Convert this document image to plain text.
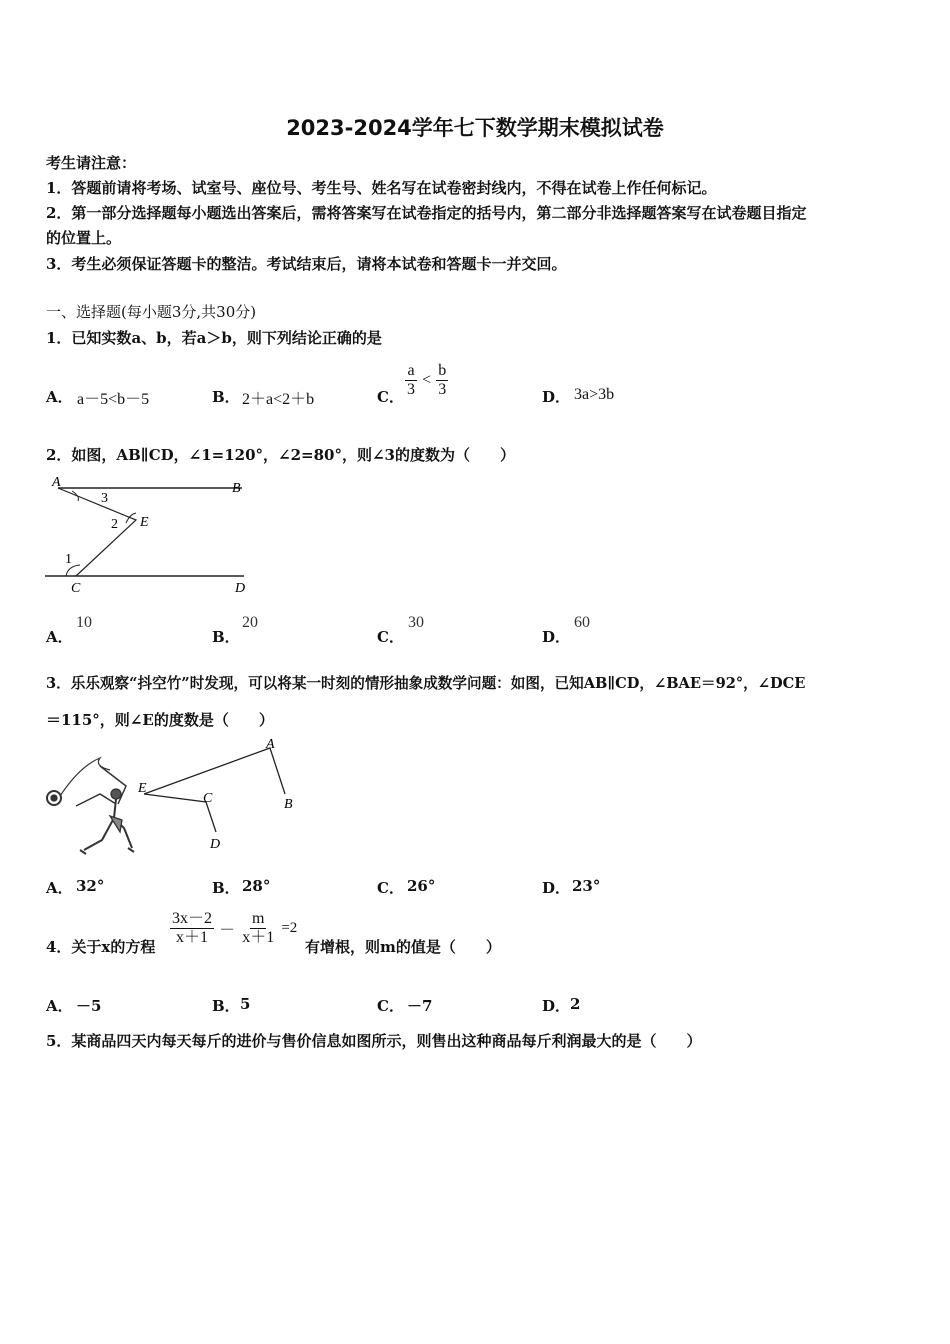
2023-2024学年七下数学期末模拟试卷
考生请注意：
1．答题前请将考场、试室号、座位号、考生号、姓名写在试卷密封线内，不得在试卷上作任何标记。
2．第一部分选择题每小题选出答案后，需将答案写在试卷指定的括号内，第二部分非选择题答案写在试卷题目指定
的位置上。
3．考生必须保证答题卡的整洁。考试结束后，请将本试卷和答题卡一并交回。
一、选择题(每小题3分,共30分)
1．已知实数a、b，若a＞b，则下列结论正确的是
A． a－5<b－5	B． 2＋a<2＋b	C． $\frac{a}{3} < \frac{b}{3}$	D． 3a>3b
2．如图，AB∥CD，∠1=120°，∠2=80°，则∠3的度数为（　　）
A	B
E
C	D
1
2
3
A．
10
B．
20
C．
30
D．
60
3．乐乐观察“抖空竹”时发现，可以将某一时刻的情形抽象成数学问题：如图，已知AB∥CD，∠BAE＝92°，∠DCE
＝115°，则∠E的度数是（　　）
A
B
C
D
E
A． 32°	B． 28°	C． 26°	D． 23°
4．关于x的方程 $\frac{3x-2}{x+1} - \frac{m}{x+1} =2$
有增根，则m的值是（　　）
A． －5	B． 5	C． －7	D． 2
5．某商品四天内每天每斤的进价与售价信息如图所示，则售出这种商品每斤利润最大的是（　　）
